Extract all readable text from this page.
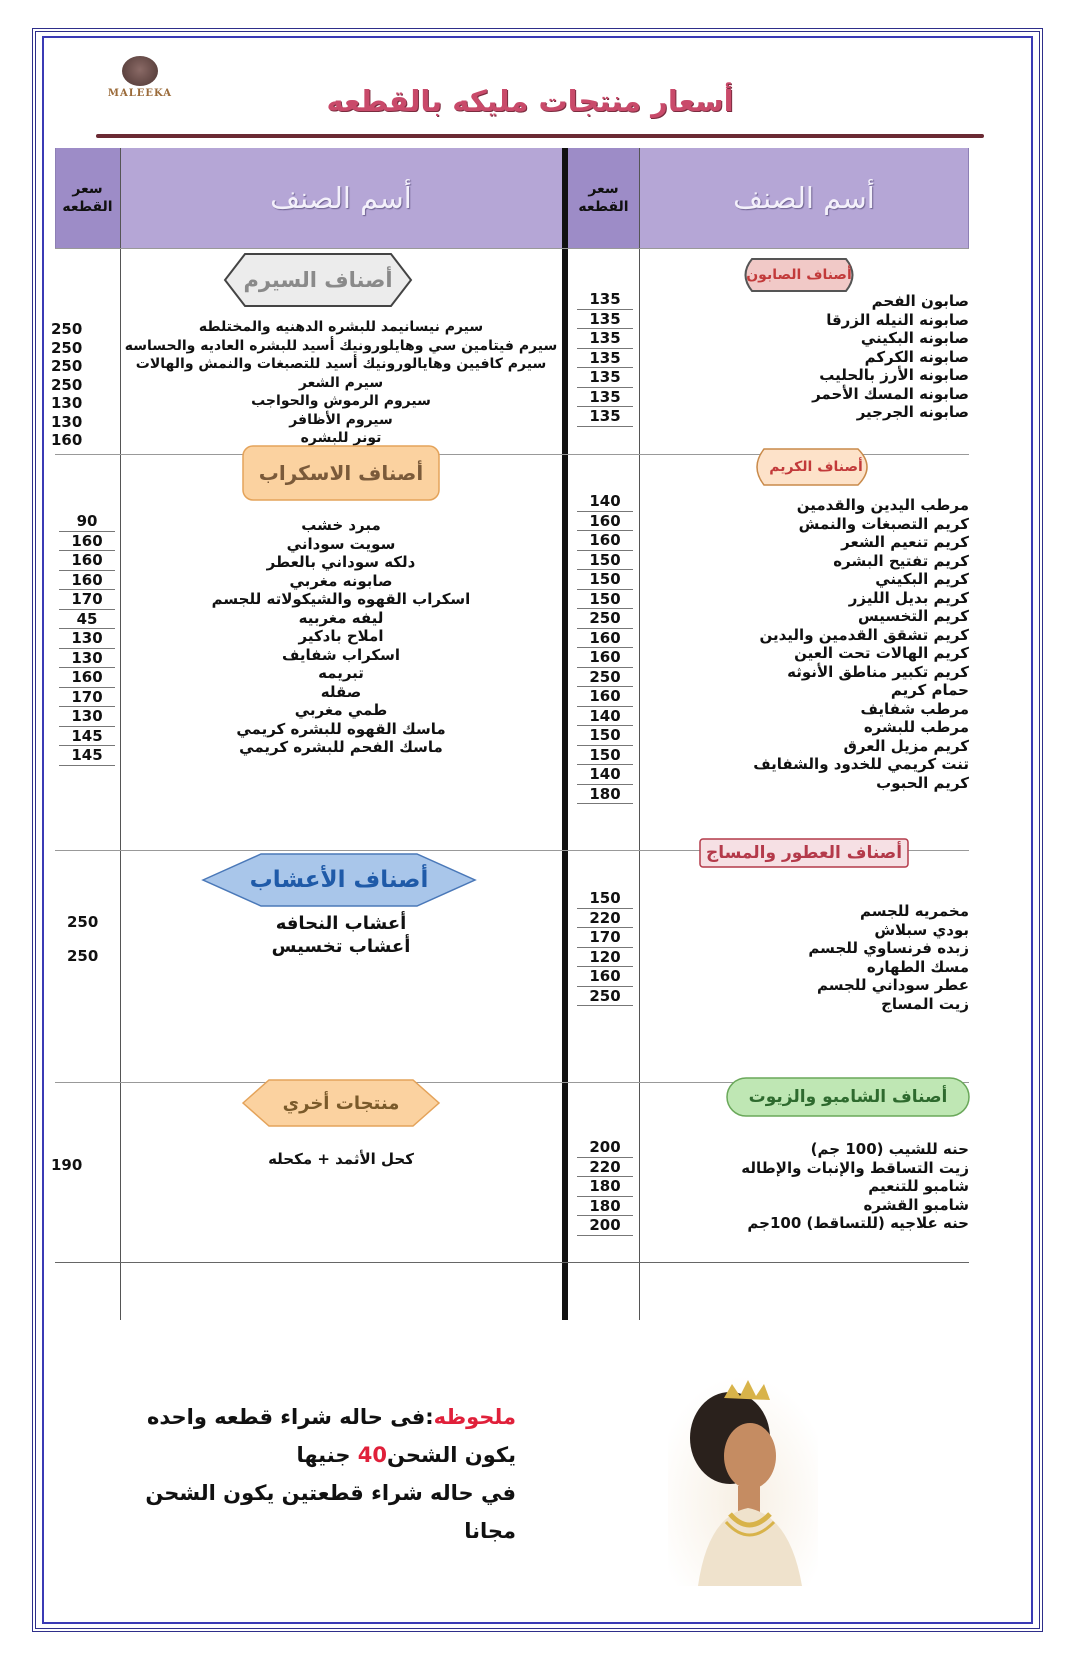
MALEEKA	أسعار منتجات مليكه بالقطعه
أسم الصنف
سعر
القطعه
أسم الصنف
سعر
القطعه
أصناف الصابون
صابون الفحم
صابونه النيله الزرقا
صابونه البكيني
صابونه الكركم
صابونه الأرز بالحليب
صابونه المسك الأحمر
صابونه الجرجير
135
135
135
135
135
135
135
أصناف السيرم
سيرم نيسانيمد للبشره الدهنيه والمختلطه
سيرم فيتامين سي وهايلورونيك أسيد للبشره العاديه والحساسه
سيرم كافيين وهايالورونيك أسيد للتصبغات والنمش والهالات
سيرم الشعر
سيروم الرموش والحواجب
سيروم الأظافر
تونر للبشره
250
250
250
250
130
130
160
أصناف الكريم
مرطب اليدين والقدمين
كريم التصبغات والنمش
كريم تنعيم الشعر
كريم تفتيح البشره
كريم البكيني
كريم بديل الليزر
كريم التخسيس
كريم تشقق القدمين واليدين
كريم الهالات تحت العين
كريم تكبير مناطق الأنوثه
حمام كريم
مرطب شفايف
مرطب للبشره
كريم مزيل العرق
تنت كريمي للخدود والشفايف
كريم الحبوب
140
160
160
150
150
150
250
160
160
250
160
140
150
150
140
180
أصناف الاسكراب
مبرد خشب
سويت سوداني
دلكه سوداني بالعطر
صابونه مغربي
اسكراب القهوه والشيكولاته للجسم
ليفه مغربيه
املاح بادكير
اسكراب شفايف
تبريمه
صقله
طمي مغربي
ماسك القهوه للبشره كريمي
ماسك الفحم للبشره كريمي
90
160
160
160
170
45
130
130
160
170
130
145
145
أصناف العطور والمساج
مخمريه للجسم
بودي سبلاش
زبده فرنساوي للجسم
مسك الطهاره
عطر سوداني للجسم
زيت المساج
150
220
170
120
160
250
أصناف الأعشاب
أعشاب النحافه
أعشاب تخسيس
250
250
أصناف الشامبو والزيوت
حنه للشيب (100 جم)
زيت التساقط والإنبات والإطاله
شامبو للتنعيم
شامبو القشره
حنه علاجيه (للتساقط) 100جم
200
220
180
180
200
منتجات أخري
كحل الأثمد + مكحله
190
ملحوظه:فى حاله شراء قطعه واحده
يكون الشحن40 جنيها
في حاله شراء قطعتين يكون الشحن
مجانا
